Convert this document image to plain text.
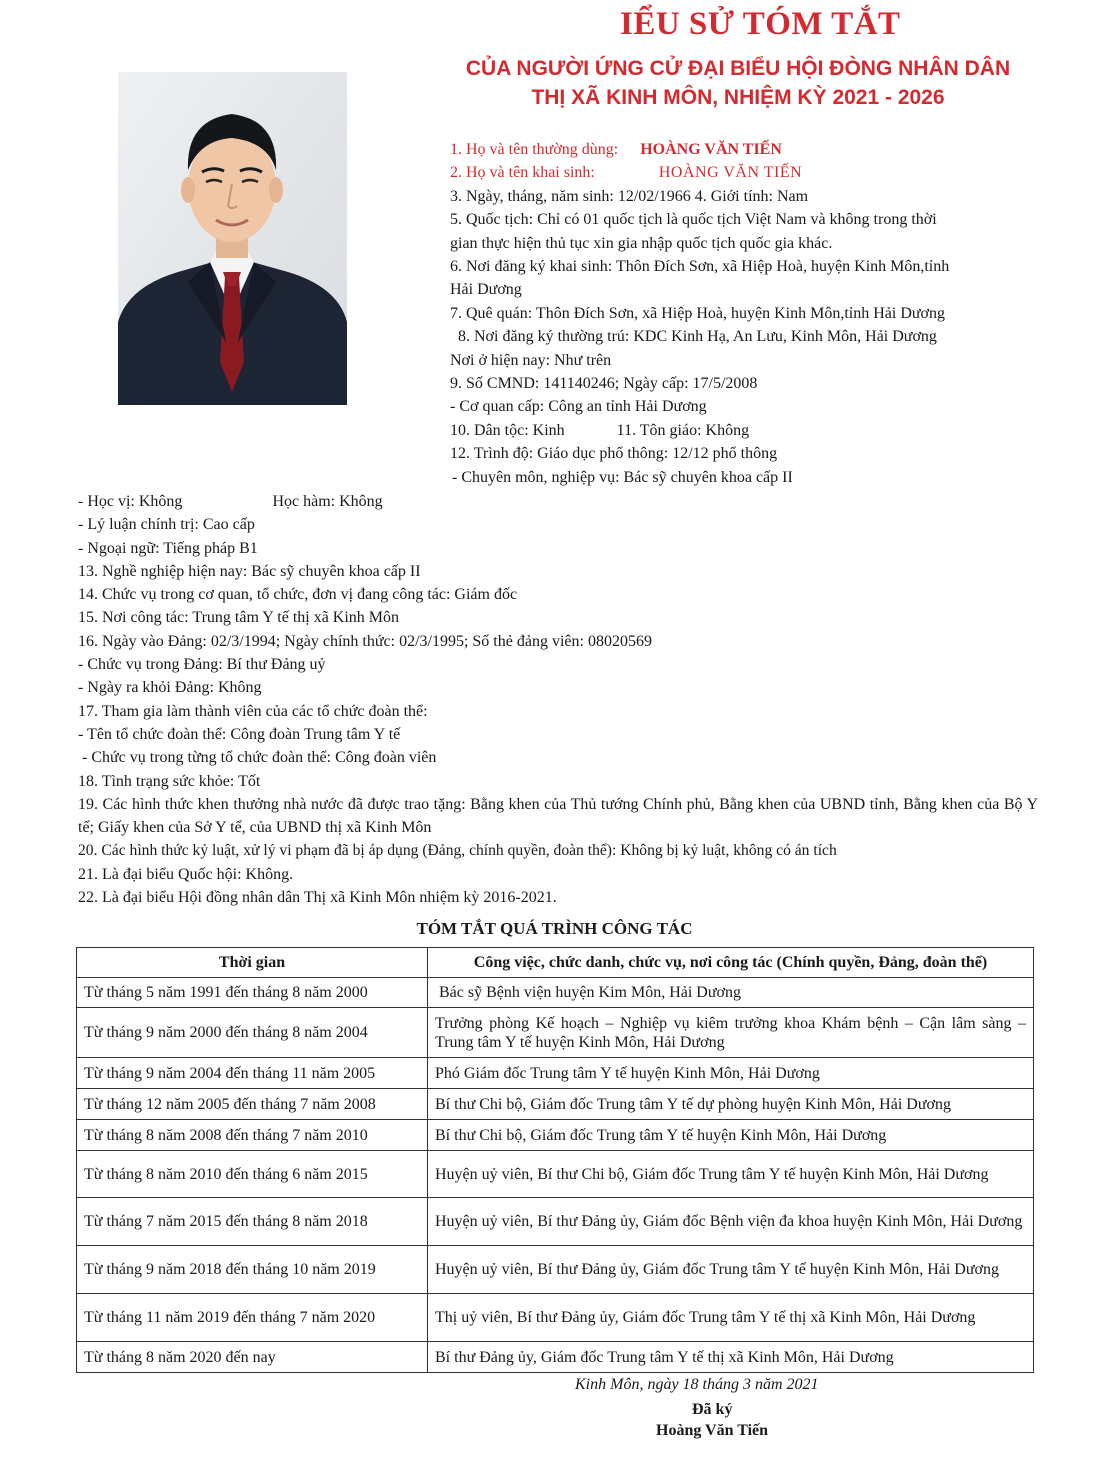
IỂU SỬ TÓM TẮT
CỦA NGƯỜI ỨNG CỬ ĐẠI BIỂU HỘI ĐÒNG NHÂN DÂN
THỊ XÃ KINH MÔN, NHIỆM KỲ 2021 - 2026
1. Họ và tên thường dùng: HOÀNG VĂN TIẾN
2. Họ và tên khai sinh:	HOÀNG VĂN TIẾN
3. Ngày, tháng, năm sinh: 12/02/1966 4. Giới tính: Nam
5. Quốc tịch: Chỉ có 01 quốc tịch là quốc tịch Việt Nam và không trong thời
gian thực hiện thủ tục xin gia nhập quốc tịch quốc gia khác.
6. Nơi đăng ký khai sinh: Thôn Đích Sơn, xã Hiệp Hoà, huyện Kinh Môn,tỉnh
Hải Dương
7. Quê quán: Thôn Đích Sơn, xã Hiệp Hoà, huyện Kinh Môn,tỉnh Hải Dương
8. Nơi đăng ký thường trú: KDC Kinh Hạ, An Lưu, Kinh Môn, Hải Dương
Nơi ở hiện nay: Như trên
9. Số CMND: 141140246; Ngày cấp: 17/5/2008
- Cơ quan cấp: Công an tỉnh Hải Dương
10. Dân tộc: Kinh	11. Tôn giáo: Không
12. Trình độ: Giáo dục phổ thông: 12/12 phổ thông
- Chuyên môn, nghiệp vụ: Bác sỹ chuyên khoa cấp II
- Học vị: Không	Học hàm: Không
- Lý luận chính trị: Cao cấp
- Ngoại ngữ: Tiếng pháp B1
13. Nghề nghiệp hiện nay: Bác sỹ chuyên khoa cấp II
14. Chức vụ trong cơ quan, tổ chức, đơn vị đang công tác: Giám đốc
15. Nơi công tác: Trung tâm Y tế thị xã Kinh Môn
16. Ngày vào Đảng: 02/3/1994; Ngày chính thức: 02/3/1995; Số thẻ đảng viên: 08020569
- Chức vụ trong Đảng: Bí thư Đảng uỷ
- Ngày ra khỏi Đảng: Không
17. Tham gia làm thành viên của các tổ chức đoàn thể:
- Tên tổ chức đoàn thể: Công đoàn Trung tâm Y tế
- Chức vụ trong từng tổ chức đoàn thể: Công đoàn viên
18. Tình trạng sức khỏe: Tốt
19. Các hình thức khen thưởng nhà nước đã được trao tặng: Bằng khen của Thủ tướng Chính phủ, Bằng khen của UBND tỉnh, Bằng khen của Bộ Y tế; Giấy khen của Sở Y tế, của UBND thị xã Kinh Môn
20. Các hình thức kỷ luật, xử lý vi phạm đã bị áp dụng (Đảng, chính quyền, đoàn thể): Không bị kỷ luật, không có án tích
21. Là đại biểu Quốc hội: Không.
22. Là đại biểu Hội đồng nhân dân Thị xã Kinh Môn nhiệm kỳ 2016-2021.
TÓM TẮT QUÁ TRÌNH CÔNG TÁC
Thời gian	Công việc, chức danh, chức vụ, nơi công tác (Chính quyền, Đảng, đoàn thể)
Từ tháng 5 năm 1991 đến tháng 8 năm 2000	Bác sỹ Bệnh viện huyện Kim Môn, Hải Dương
Từ tháng 9 năm 2000 đến tháng 8 năm 2004	Trưởng phòng Kế hoạch – Nghiệp vụ kiêm trưởng khoa Khám bệnh – Cận lâm sàng – Trung tâm Y tế huyện Kinh Môn, Hải Dương
Từ tháng 9 năm 2004 đến tháng 11 năm 2005	Phó Giám đốc Trung tâm Y tế huyện Kinh Môn, Hải Dương
Từ tháng 12 năm 2005 đến tháng 7 năm 2008	Bí thư Chi bộ, Giám đốc Trung tâm Y tế dự phòng huyện Kinh Môn, Hải Dương
Từ tháng 8 năm 2008 đến tháng 7 năm 2010	Bí thư Chi bộ, Giám đốc Trung tâm Y tế huyện Kinh Môn, Hải Dương
Từ tháng 8 năm 2010 đến tháng 6 năm 2015	Huyện uỷ viên, Bí thư Chi bộ, Giám đốc Trung tâm Y tế huyện Kinh Môn, Hải Dương
Từ tháng 7 năm 2015 đến tháng 8 năm 2018	Huyện uỷ viên, Bí thư Đảng ủy, Giám đốc Bệnh viện đa khoa huyện Kinh Môn, Hải Dương
Từ tháng 9 năm 2018 đến tháng 10 năm 2019	Huyện uỷ viên, Bí thư Đảng ủy, Giám đốc Trung tâm Y tế huyện Kinh Môn, Hải Dương
Từ tháng 11 năm 2019 đến tháng 7 năm 2020	Thị uỷ viên, Bí thư Đảng ủy, Giám đốc Trung tâm Y tế thị xã Kinh Môn, Hải Dương
Từ tháng 8 năm 2020 đến nay	Bí thư Đảng ủy, Giám đốc Trung tâm Y tế thị xã Kinh Môn, Hải Dương
Kinh Môn, ngày 18 tháng 3 năm 2021
Đã ký
Hoàng Văn Tiến
